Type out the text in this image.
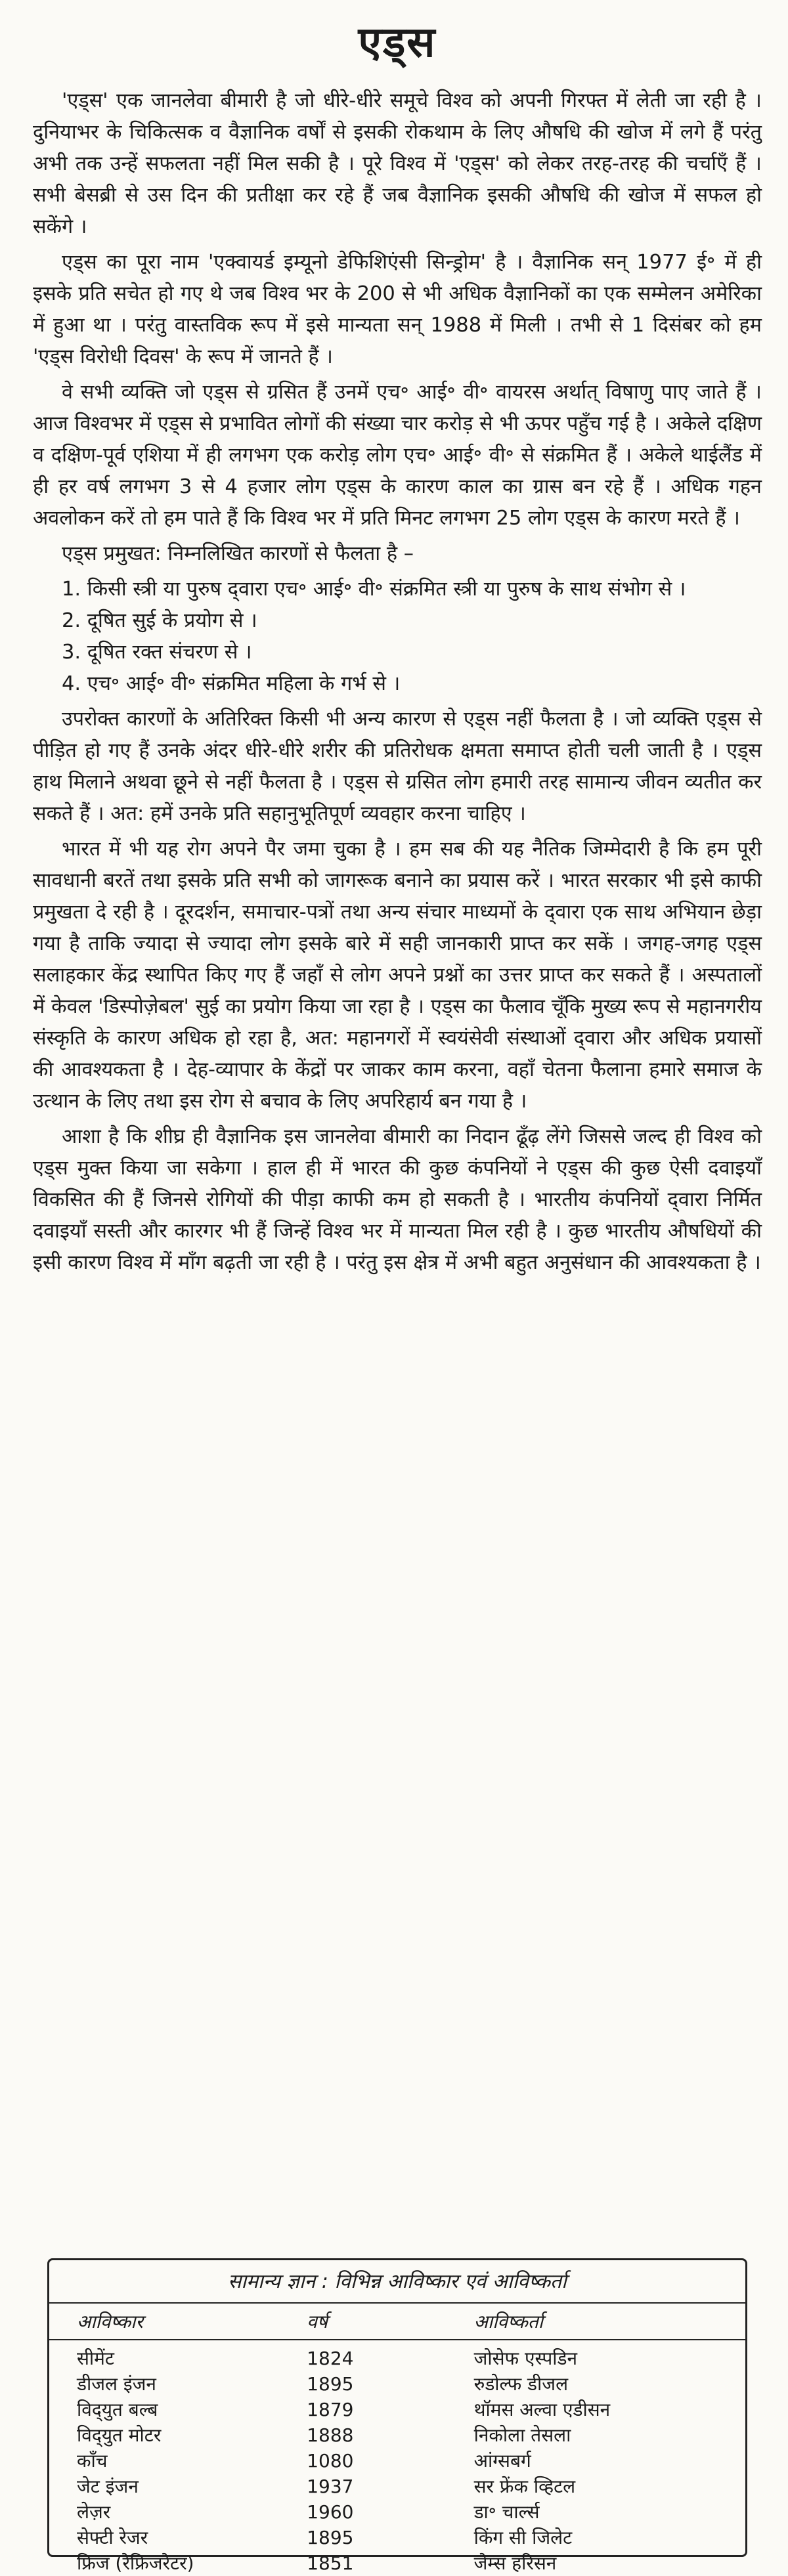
एड्स

'एड्स' एक जानलेवा बीमारी है जो धीरे-धीरे समूचे विश्व को अपनी गिरफ्त में लेती जा रही है । दुनियाभर के चिकित्सक व वैज्ञानिक वर्षों से इसकी रोकथाम के लिए औषधि की खोज में लगे हैं परंतु अभी तक उन्हें सफलता नहीं मिल सकी है । पूरे विश्व में 'एड्स' को लेकर तरह-तरह की चर्चाएँ हैं । सभी बेसब्री से उस दिन की प्रतीक्षा कर रहे हैं जब वैज्ञानिक इसकी औषधि की खोज में सफल हो सकेंगे ।

एड्स का पूरा नाम 'एक्वायर्ड इम्यूनो डेफिशिएंसी सिन्ड्रोम' है । वैज्ञानिक सन् 1977 ई॰ में ही इसके प्रति सचेत हो गए थे जब विश्व भर के 200 से भी अधिक वैज्ञानिकों का एक सम्मेलन अमेरिका में हुआ था । परंतु वास्तविक रूप में इसे मान्यता सन् 1988 में मिली । तभी से 1 दिसंबर को हम 'एड्स विरोधी दिवस' के रूप में जानते हैं ।

वे सभी व्यक्ति जो एड्स से ग्रसित हैं उनमें एच॰ आई॰ वी॰ वायरस अर्थात् विषाणु पाए जाते हैं । आज विश्वभर में एड्स से प्रभावित लोगों की संख्या चार करोड़ से भी ऊपर पहुँच गई है । अकेले दक्षिण व दक्षिण-पूर्व एशिया में ही लगभग एक करोड़ लोग एच॰ आई॰ वी॰ से संक्रमित हैं । अकेले थाईलैंड में ही हर वर्ष लगभग 3 से 4 हजार लोग एड्स के कारण काल का ग्रास बन रहे हैं । अधिक गहन अवलोकन करें तो हम पाते हैं कि विश्व भर में प्रति मिनट लगभग 25 लोग एड्स के कारण मरते हैं ।

एड्स प्रमुखत: निम्नलिखित कारणों से फैलता है –

1. किसी स्त्री या पुरुष द्‌वारा एच॰ आई॰ वी॰ संक्रमित स्त्री या पुरुष के साथ संभोग से ।
2. दूषित सुई के प्रयोग से ।
3. दूषित रक्त संचरण से ।
4. एच॰ आई॰ वी॰ संक्रमित महिला के गर्भ से ।

उपरोक्त कारणों के अतिरिक्त किसी भी अन्य कारण से एड्स नहीं फैलता है । जो व्यक्ति एड्स से पीड़ित हो गए हैं उनके अंदर धीरे-धीरे शरीर की प्रतिरोधक क्षमता समाप्त होती चली जाती है । एड्स हाथ मिलाने अथवा छूने से नहीं फैलता है । एड्स से ग्रसित लोग हमारी तरह सामान्य जीवन व्यतीत कर सकते हैं । अत: हमें उनके प्रति सहानुभूतिपूर्ण व्यवहार करना चाहिए ।

भारत में भी यह रोग अपने पैर जमा चुका है । हम सब की यह नैतिक जिम्मेदारी है कि हम पूरी सावधानी बरतें तथा इसके प्रति सभी को जागरूक बनाने का प्रयास करें । भारत सरकार भी इसे काफी प्रमुखता दे रही है । दूरदर्शन, समाचार-पत्रों तथा अन्य संचार माध्यमों के द्‌वारा एक साथ अभियान छेड़ा गया है ताकि ज्यादा से ज्यादा लोग इसके बारे में सही जानकारी प्राप्त कर सकें । जगह-जगह एड्स सलाहकार केंद्र स्थापित किए गए हैं जहाँ से लोग अपने प्रश्नों का उत्तर प्राप्त कर सकते हैं । अस्पतालों में केवल 'डिस्पोज़ेबल' सुई का प्रयोग किया जा रहा है । एड्स का फैलाव चूँकि मुख्य रूप से महानगरीय संस्कृति के कारण अधिक हो रहा है, अत: महानगरों में स्वयंसेवी संस्थाओं द्‌वारा और अधिक प्रयासों की आवश्यकता है । देह-व्यापार के केंद्रों पर जाकर काम करना, वहाँ चेतना फैलाना हमारे समाज के उत्थान के लिए तथा इस रोग से बचाव के लिए अपरिहार्य बन गया है ।

आशा है कि शीघ्र ही वैज्ञानिक इस जानलेवा बीमारी का निदान ढूँढ़ लेंगे जिससे जल्द ही विश्व को एड्स मुक्त किया जा सकेगा । हाल ही में भारत की कुछ कंपनियों ने एड्स की कुछ ऐसी दवाइयाँ विकसित की हैं जिनसे रोगियों की पीड़ा काफी कम हो सकती है । भारतीय कंपनियों द्‌वारा निर्मित दवाइयाँ सस्ती और कारगर भी हैं जिन्हें विश्व भर में मान्यता मिल रही है । कुछ भारतीय औषधियों की इसी कारण विश्व में माँग बढ़ती जा रही है । परंतु इस क्षेत्र में अभी बहुत अनुसंधान की आवश्यकता है ।

सामान्य ज्ञान : विभिन्न आविष्कार एवं आविष्कर्ता
आविष्कार	वर्ष	आविष्कर्ता
सीमेंट	1824	जोसेफ एस्पडिन
डीजल इंजन	1895	रुडोल्फ डीजल
विद्‌युत बल्ब	1879	थॉमस अल्वा एडीसन
विद्‌युत मोटर	1888	निकोला तेसला
काँच	1080	आंग्सबर्ग
जेट इंजन	1937	सर फ्रेंक व्हिटल
लेज़र	1960	डा॰ चार्ल्स
सेफ्टी रेजर	1895	किंग सी जिलेट
फ्रिज (रेफ्रिजरेटर)	1851	जेम्स हरिसन
